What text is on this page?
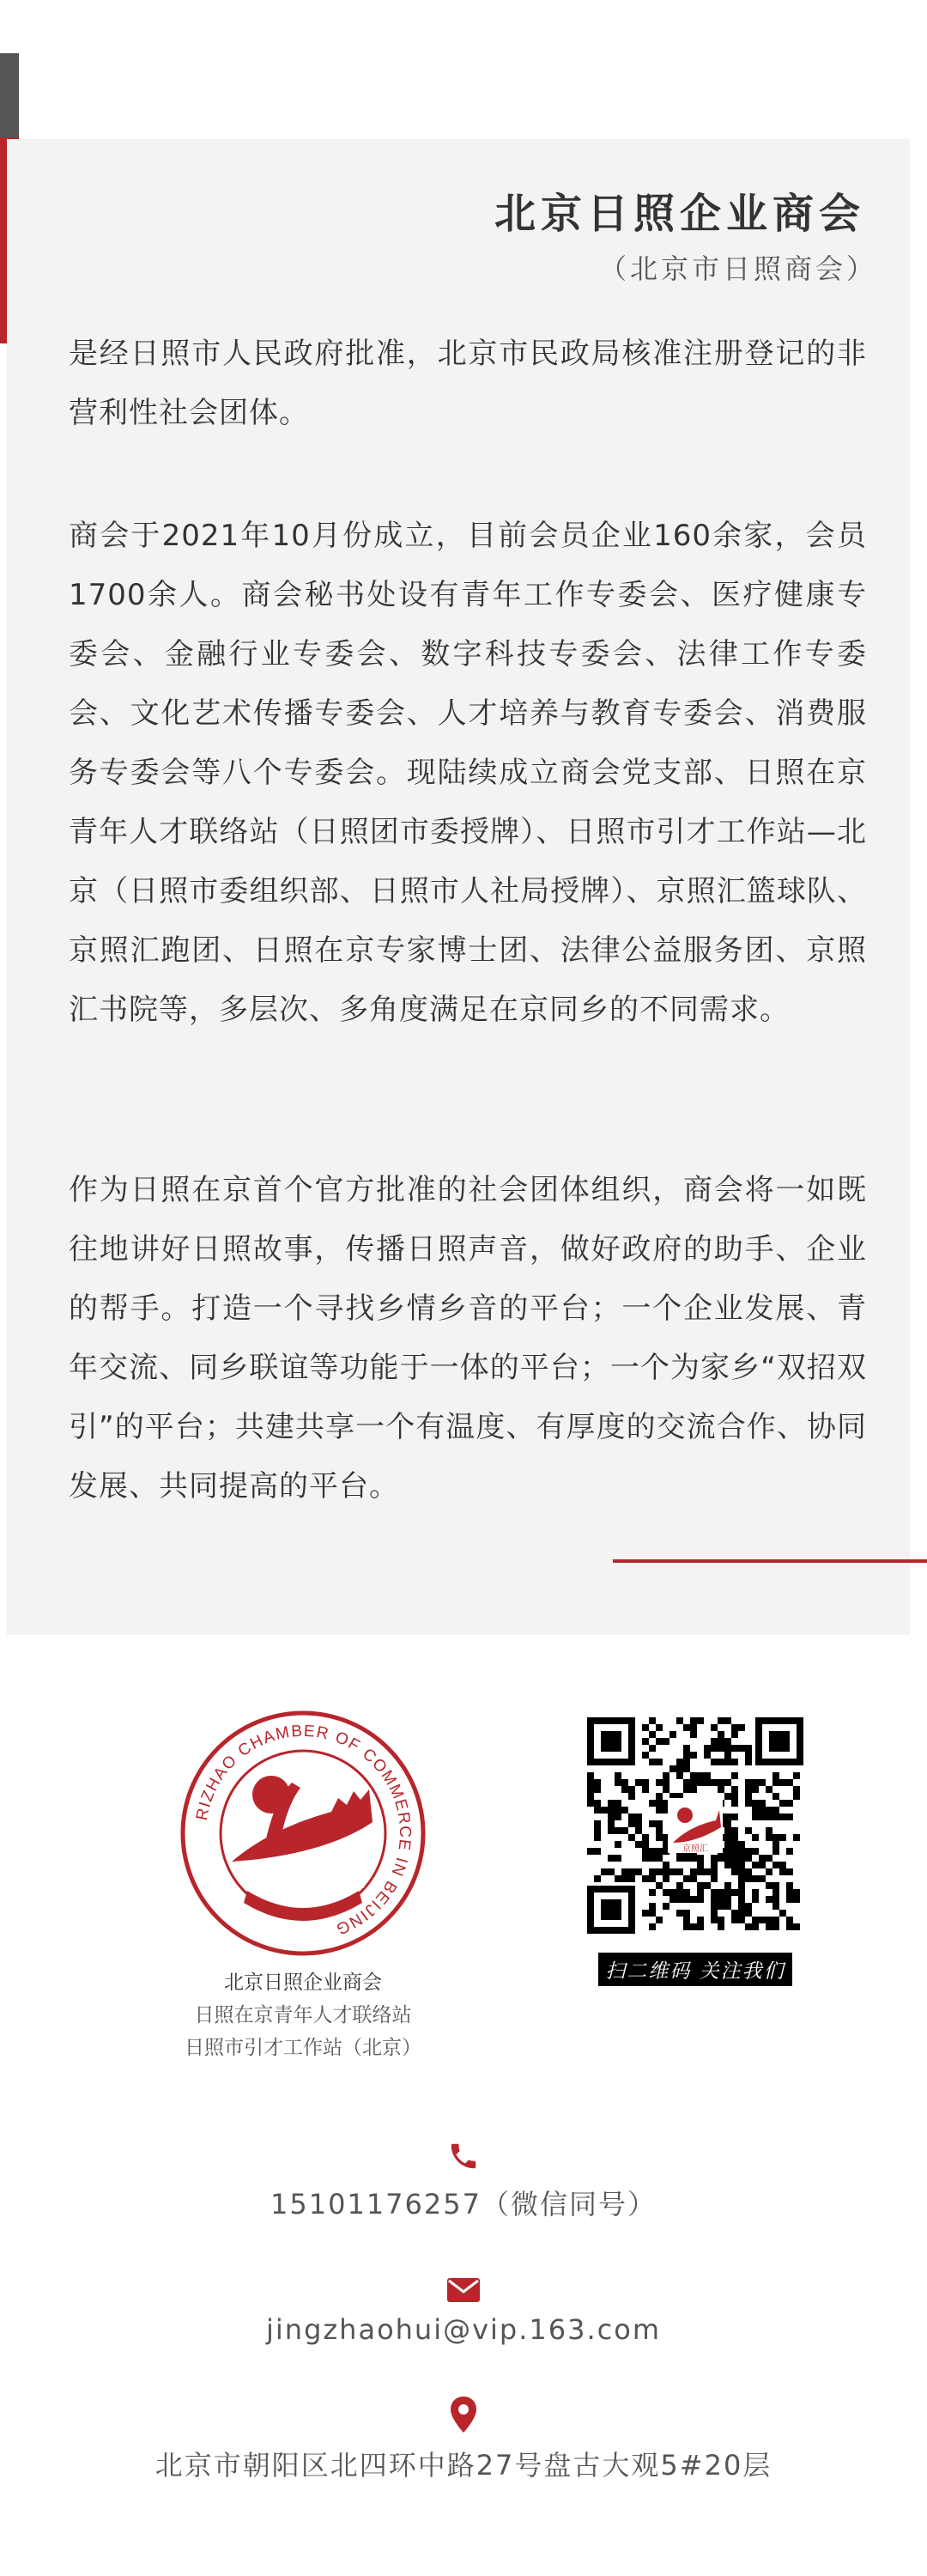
北京日照企业商会

（北京市日照商会）

是经日照市人民政府批准，北京市民政局核准注册登记的非营利性社会团体。

商会于2021年10月份成立，目前会员企业160余家，会员1700余人。商会秘书处设有青年工作专委会、医疗健康专委会、金融行业专委会、数字科技专委会、法律工作专委会、文化艺术传播专委会、人才培养与教育专委会、消费服务专委会等八个专委会。现陆续成立商会党支部、日照在京青年人才联络站（日照团市委授牌）、日照市引才工作站—北京（日照市委组织部、日照市人社局授牌）、京照汇篮球队、京照汇跑团、日照在京专家博士团、法律公益服务团、京照汇书院等，多层次、多角度满足在京同乡的不同需求。

作为日照在京首个官方批准的社会团体组织，商会将一如既往地讲好日照故事，传播日照声音，做好政府的助手、企业的帮手。打造一个寻找乡情乡音的平台；一个企业发展、青年交流、同乡联谊等功能于一体的平台；一个为家乡“双招双引”的平台；共建共享一个有温度、有厚度的交流合作、协同发展、共同提高的平台。

RIZHAO CHAMBER OF COMMERCE IN BEIJING
北京日照企业商会
北京日照企业商会
日照在京青年人才联络站
日照市引才工作站（北京）
京照汇
扫二维码 关注我们
15101176257（微信同号）
jingzhaohui@vip.163.com
北京市朝阳区北四环中路27号盘古大观5#20层
